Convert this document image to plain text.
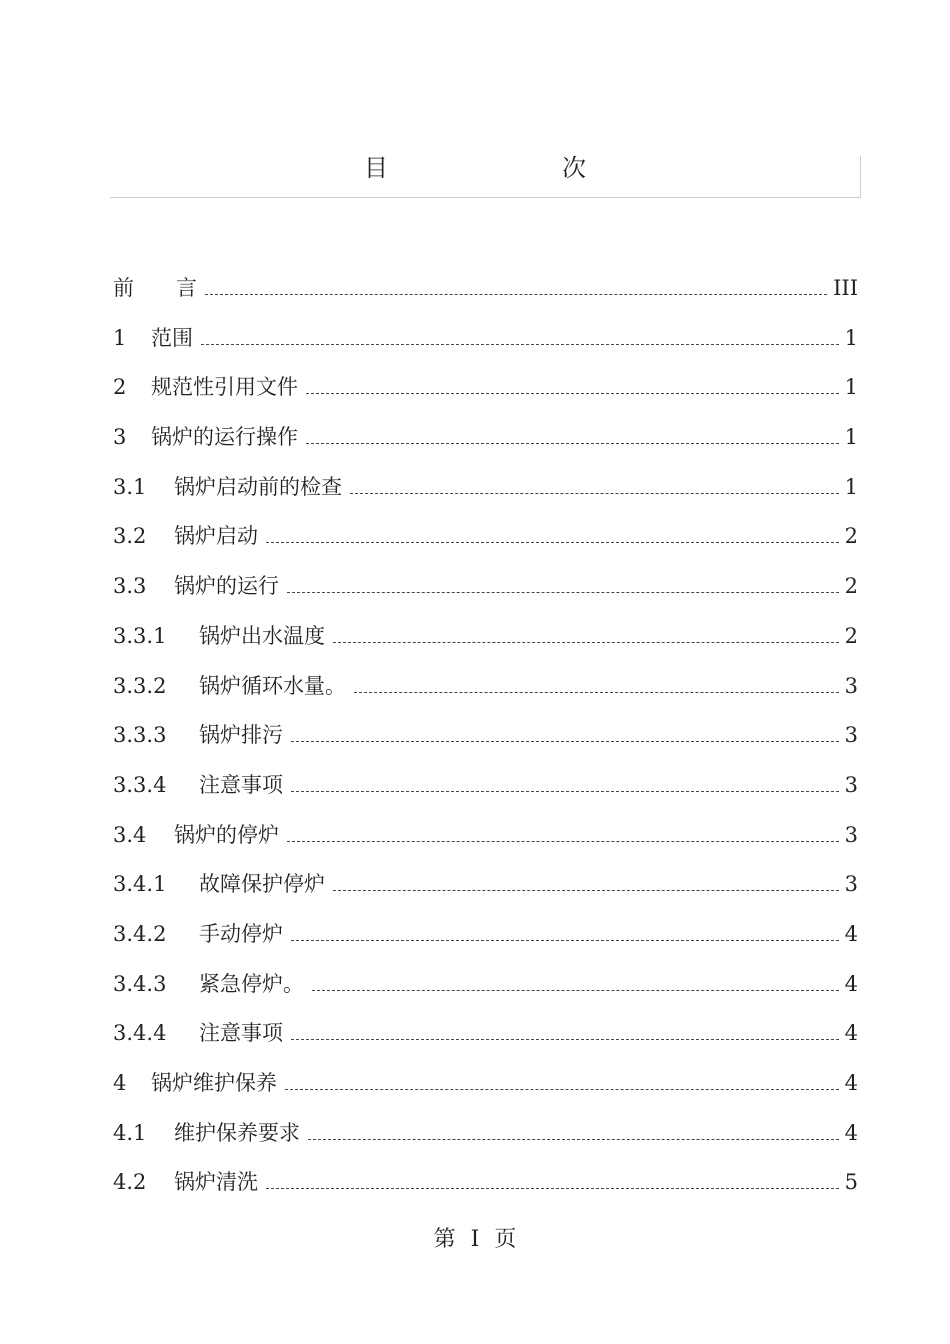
目　　次
前　　言	III
1	范围	1
2	规范性引用文件	1
3	锅炉的运行操作	1
3.1	锅炉启动前的检查	1
3.2	锅炉启动	2
3.3	锅炉的运行	2
3.3.1	锅炉出水温度	2
3.3.2	锅炉循环水量。	3
3.3.3	锅炉排污	3
3.3.4	注意事项	3
3.4	锅炉的停炉	3
3.4.1	故障保护停炉	3
3.4.2	手动停炉	4
3.4.3	紧急停炉。	4
3.4.4	注意事项	4
4	锅炉维护保养	4
4.1	维护保养要求	4
4.2	锅炉清洗	5
第 I 页
